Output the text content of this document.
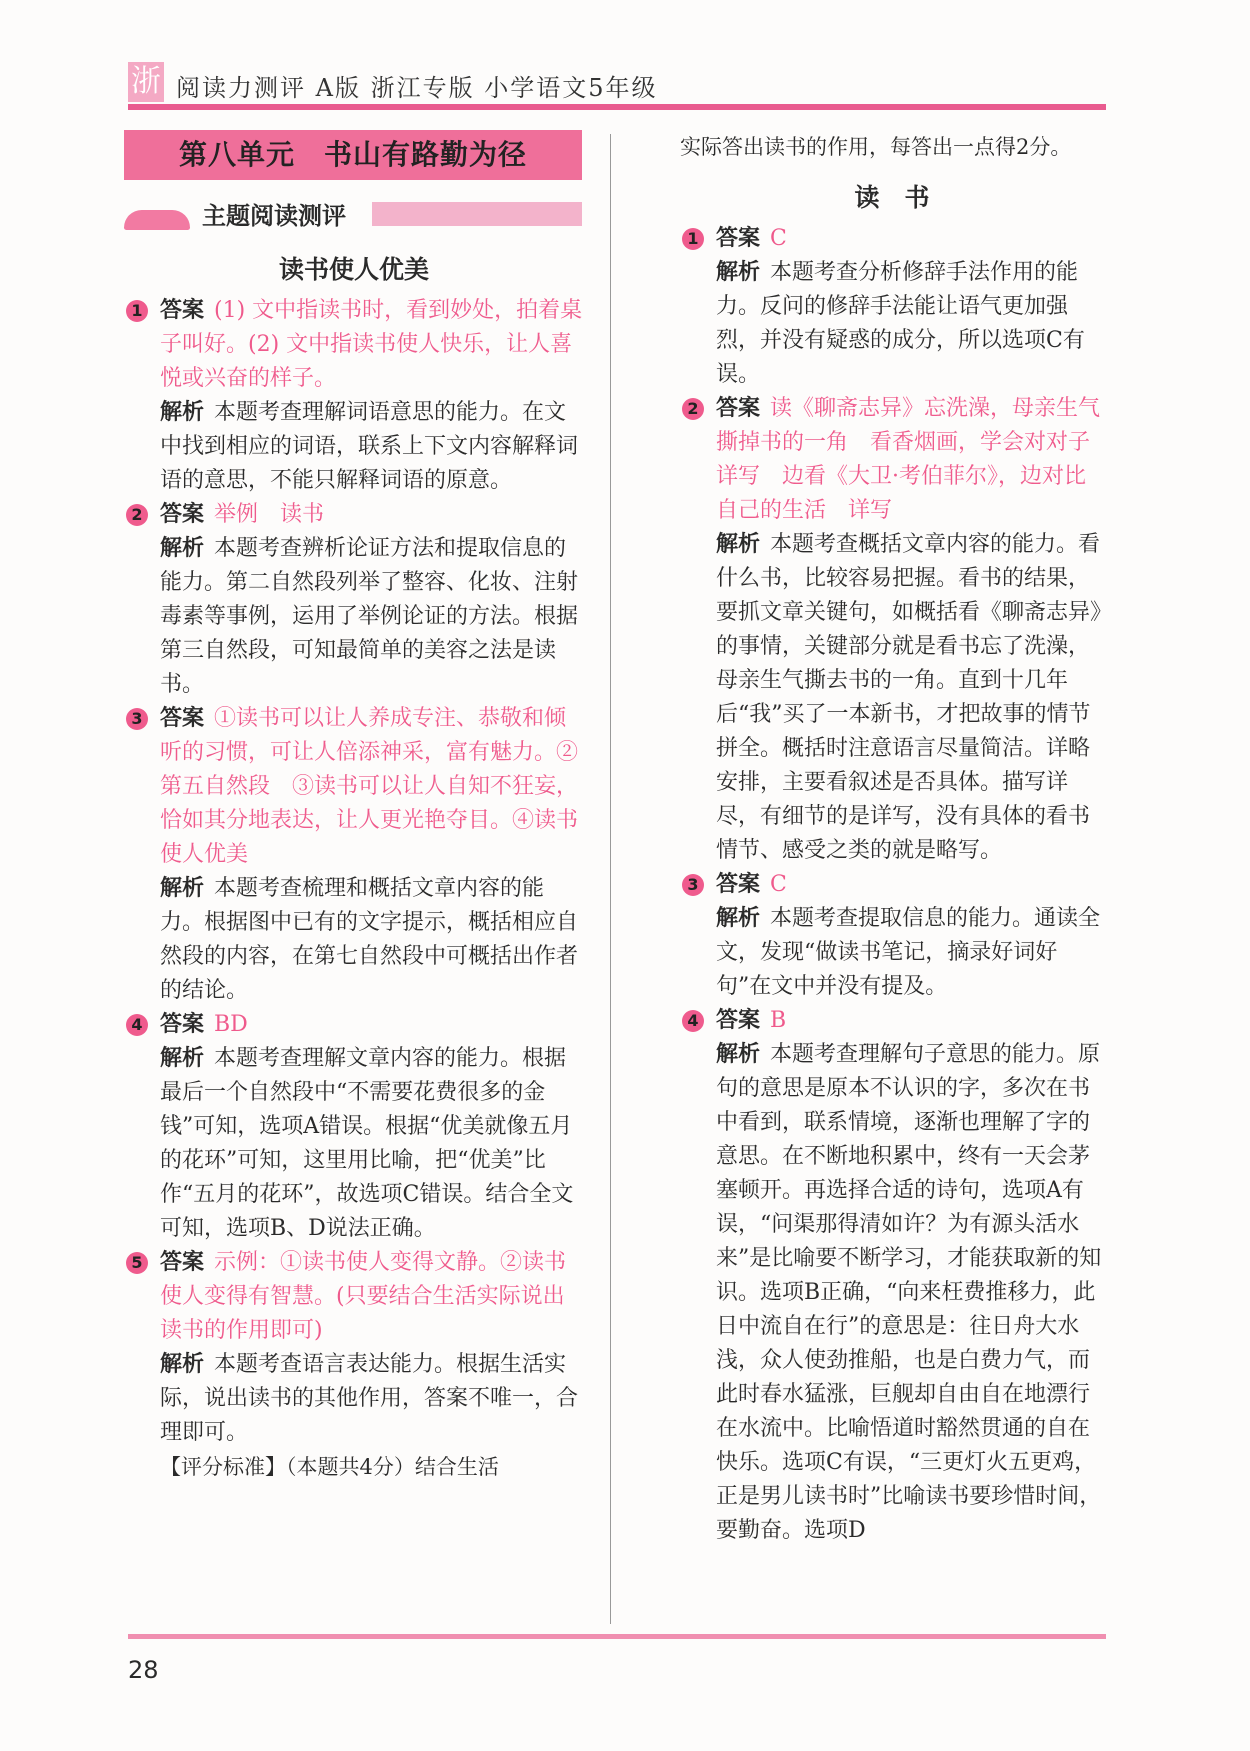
浙 阅读力测评 A版 浙江专版 小学语文5年级
第八单元　书山有路勤为径
主题阅读测评
读书使人优美
1 答案 (1) 文中指读书时，看到妙处，拍着桌子叫好。(2) 文中指读书使人快乐，让人喜悦或兴奋的样子。
解析 本题考查理解词语意思的能力。在文中找到相应的词语，联系上下文内容解释词语的意思，不能只解释词语的原意。
2 答案 举例　读书
解析 本题考查辨析论证方法和提取信息的能力。第二自然段列举了整容、化妆、注射毒素等事例，运用了举例论证的方法。根据第三自然段，可知最简单的美容之法是读书。
3 答案 ①读书可以让人养成专注、恭敬和倾听的习惯，可让人倍添神采，富有魅力。②第五自然段　③读书可以让人自知不狂妄，恰如其分地表达，让人更光艳夺目。④读书使人优美
解析 本题考查梳理和概括文章内容的能力。根据图中已有的文字提示，概括相应自然段的内容，在第七自然段中可概括出作者的结论。
4 答案 BD
解析 本题考查理解文章内容的能力。根据最后一个自然段中“不需要花费很多的金钱”可知，选项A错误。根据“优美就像五月的花环”可知，这里用比喻，把“优美”比作“五月的花环”，故选项C错误。结合全文可知，选项B、D说法正确。
5 答案 示例：①读书使人变得文静。②读书使人变得有智慧。(只要结合生活实际说出读书的作用即可)
解析 本题考查语言表达能力。根据生活实际，说出读书的其他作用，答案不唯一，合理即可。
【评分标准】（本题共4分）结合生活
实际答出读书的作用，每答出一点得2分。
读　书
1 答案 C
解析 本题考查分析修辞手法作用的能力。反问的修辞手法能让语气更加强烈，并没有疑惑的成分，所以选项C有误。
2 答案 读《聊斋志异》忘洗澡，母亲生气撕掉书的一角　看香烟画，学会对对子　详写　边看《大卫·考伯菲尔》，边对比自己的生活　详写
解析 本题考查概括文章内容的能力。看什么书，比较容易把握。看书的结果，要抓文章关键句，如概括看《聊斋志异》的事情，关键部分就是看书忘了洗澡，母亲生气撕去书的一角。直到十几年后“我”买了一本新书，才把故事的情节拼全。概括时注意语言尽量简洁。详略安排，主要看叙述是否具体。描写详尽，有细节的是详写，没有具体的看书情节、感受之类的就是略写。
3 答案 C
解析 本题考查提取信息的能力。通读全文，发现“做读书笔记，摘录好词好句”在文中并没有提及。
4 答案 B
解析 本题考查理解句子意思的能力。原句的意思是原本不认识的字，多次在书中看到，联系情境，逐渐也理解了字的意思。在不断地积累中，终有一天会茅塞顿开。再选择合适的诗句，选项A有误，“问渠那得清如许？为有源头活水来”是比喻要不断学习，才能获取新的知识。选项B正确，“向来枉费推移力，此日中流自在行”的意思是：往日舟大水浅，众人使劲推船，也是白费力气，而此时春水猛涨，巨舰却自由自在地漂行在水流中。比喻悟道时豁然贯通的自在快乐。选项C有误，“三更灯火五更鸡，正是男儿读书时”比喻读书要珍惜时间，要勤奋。选项D
28
